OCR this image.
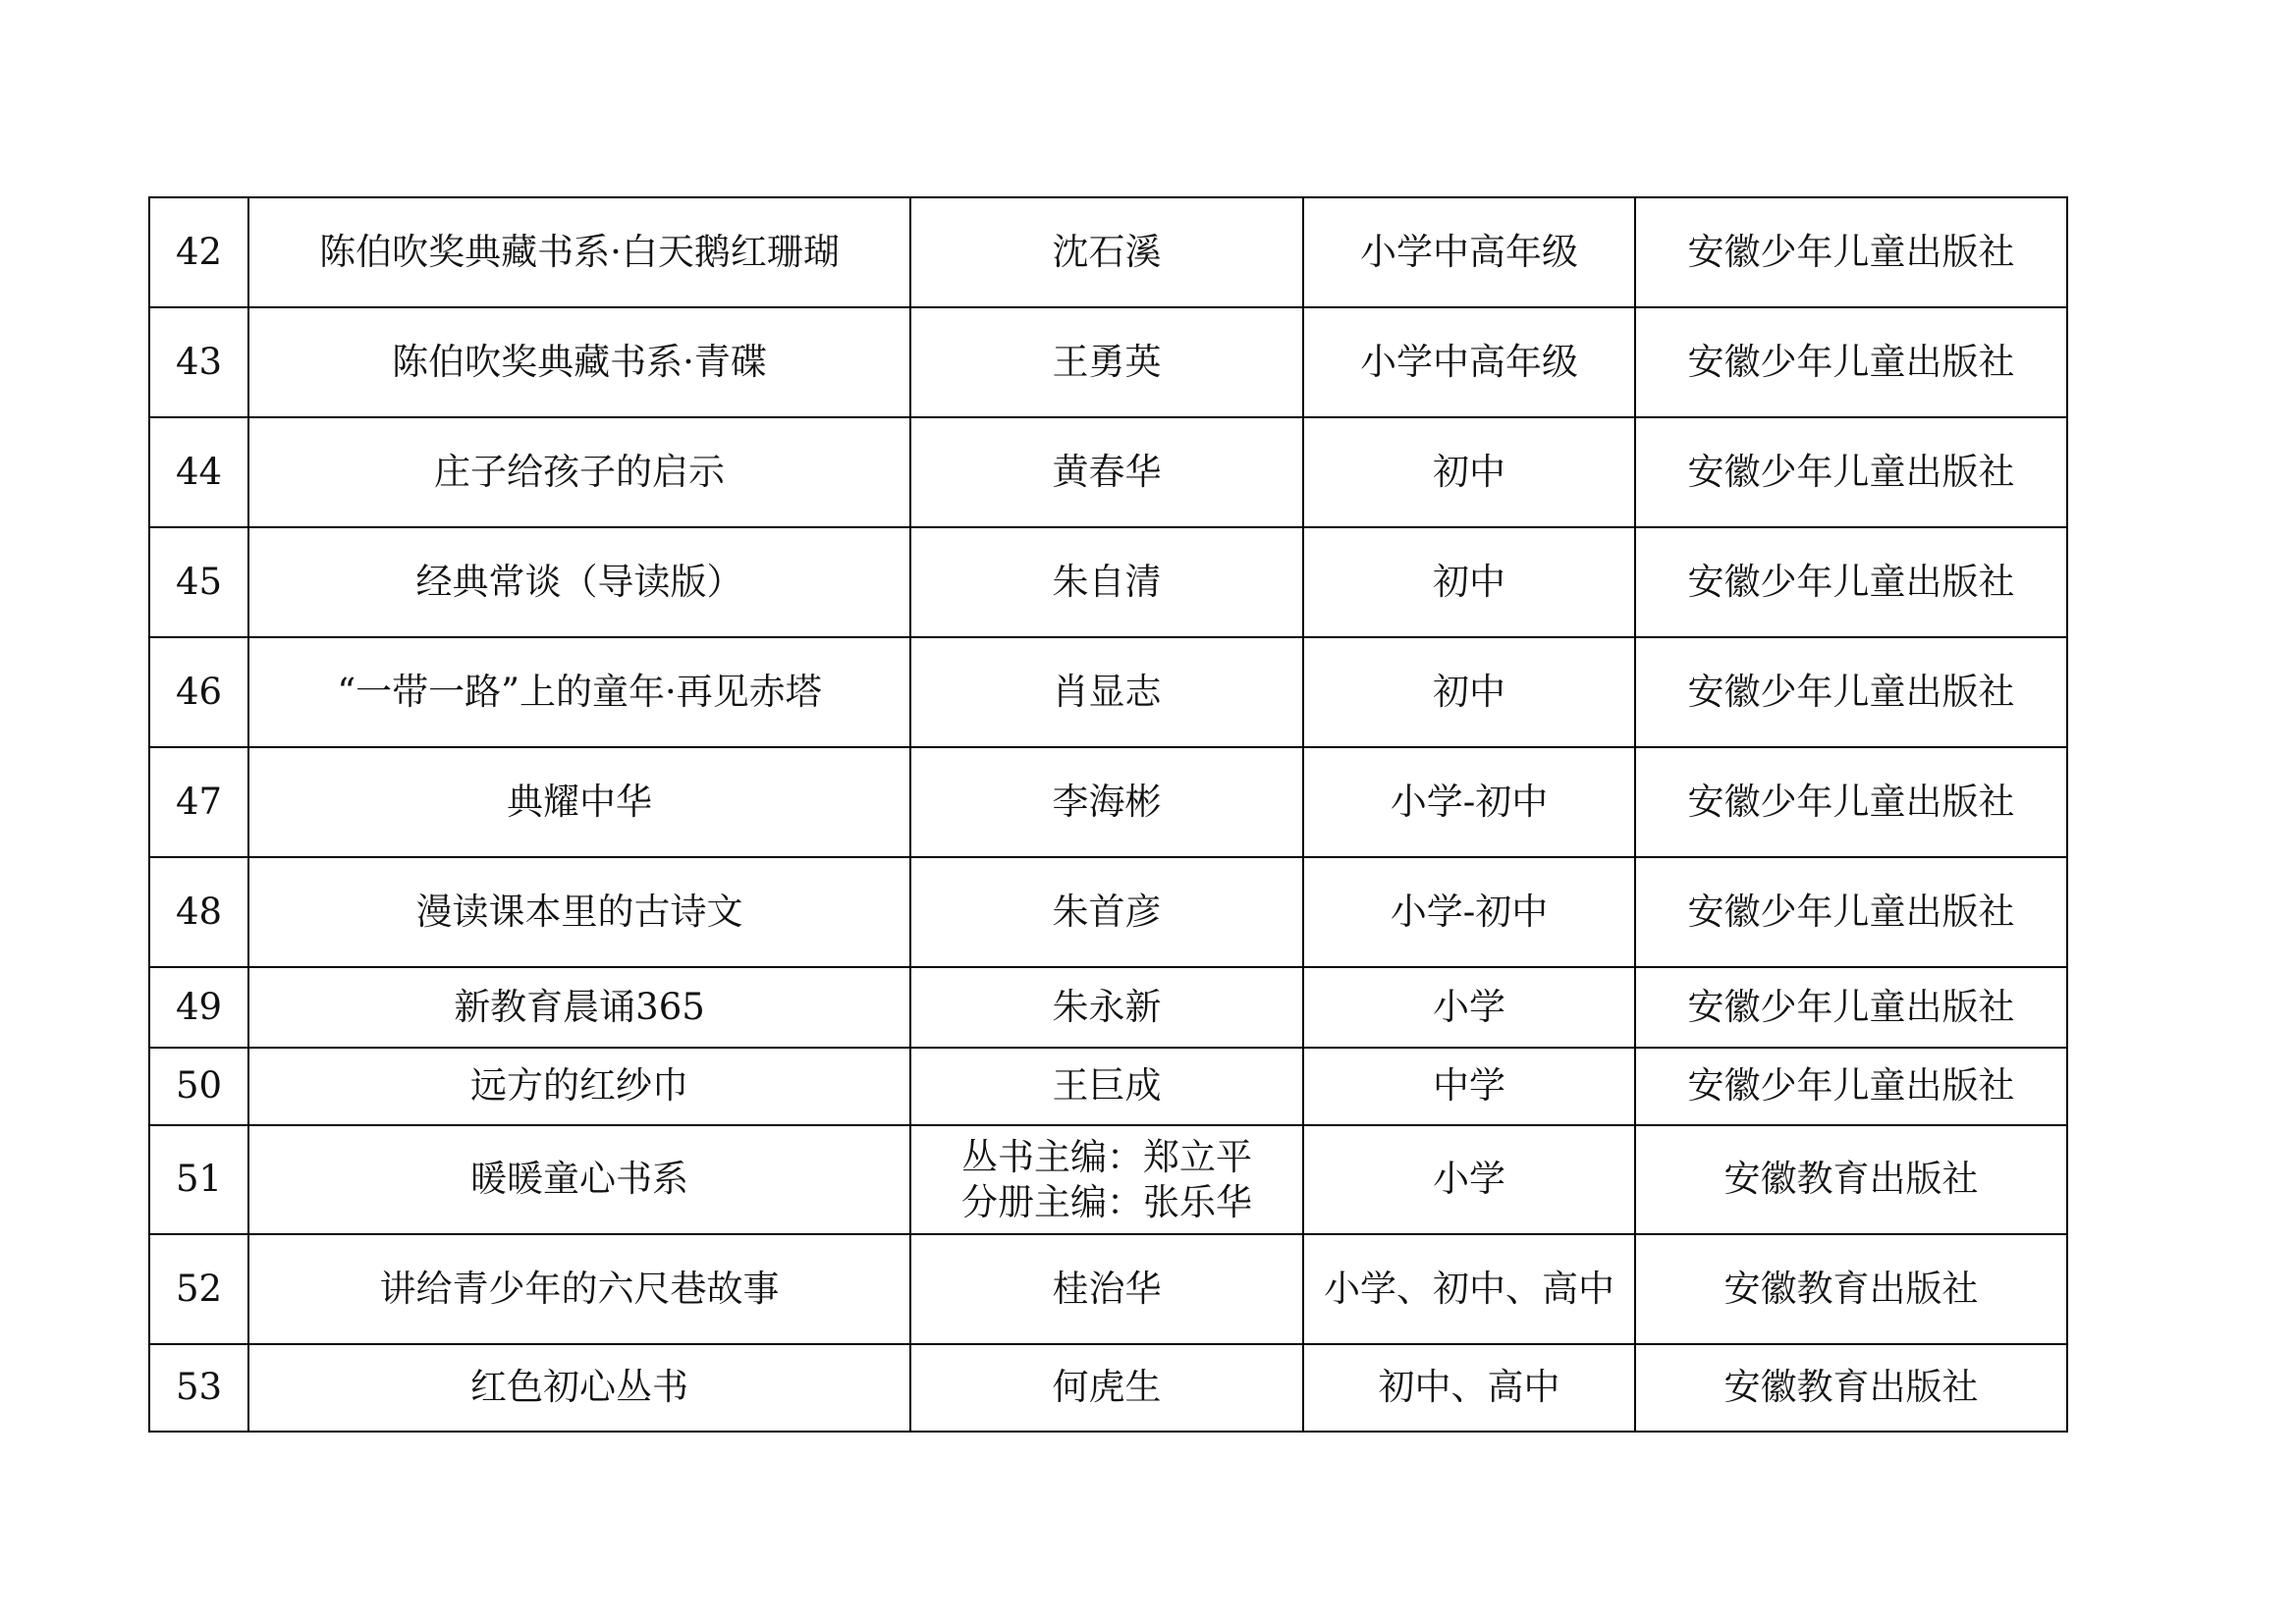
42	陈伯吹奖典藏书系·白天鹅红珊瑚	沈石溪	小学中高年级	安徽少年儿童出版社
43	陈伯吹奖典藏书系·青碟	王勇英	小学中高年级	安徽少年儿童出版社
44	庄子给孩子的启示	黄春华	初中	安徽少年儿童出版社
45	经典常谈（导读版）	朱自清	初中	安徽少年儿童出版社
46	“一带一路”上的童年·再见赤塔	肖显志	初中	安徽少年儿童出版社
47	典耀中华	李海彬	小学-初中	安徽少年儿童出版社
48	漫读课本里的古诗文	朱首彦	小学-初中	安徽少年儿童出版社
49	新教育晨诵365	朱永新	小学	安徽少年儿童出版社
50	远方的红纱巾	王巨成	中学	安徽少年儿童出版社
51	暖暖童心书系	丛书主编：郑立平
分册主编：张乐华	小学	安徽教育出版社
52	讲给青少年的六尺巷故事	桂治华	小学、初中、高中	安徽教育出版社
53	红色初心丛书	何虎生	初中、高中	安徽教育出版社
